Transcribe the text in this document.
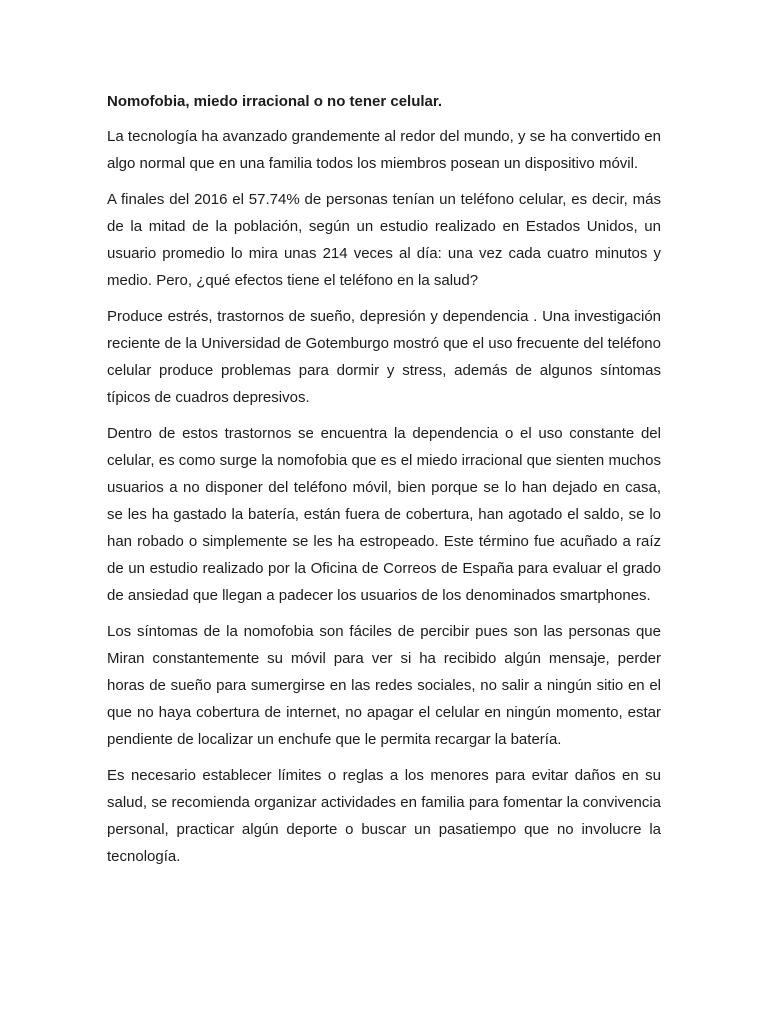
Nomofobia, miedo irracional o no tener celular.

La tecnología ha avanzado grandemente al redor del mundo, y se ha convertido en algo normal que en una familia todos los miembros posean un dispositivo móvil.

A finales del 2016 el 57.74% de personas tenían un teléfono celular, es decir, más de la mitad de la población, según un estudio realizado en Estados Unidos, un usuario promedio lo mira unas 214 veces al día: una vez cada cuatro minutos y medio. Pero, ¿qué efectos tiene el teléfono en la salud?

Produce estrés, trastornos de sueño, depresión y dependencia . Una investigación reciente de la Universidad de Gotemburgo mostró que el uso frecuente del teléfono celular produce problemas para dormir y stress, además de algunos síntomas típicos de cuadros depresivos.

Dentro de estos trastornos se encuentra la dependencia o el uso constante del celular, es como surge la nomofobia que es el miedo irracional que sienten muchos usuarios a no disponer del teléfono móvil, bien porque se lo han dejado en casa, se les ha gastado la batería, están fuera de cobertura, han agotado el saldo, se lo han robado o simplemente se les ha estropeado. Este término fue acuñado a raíz de un estudio realizado por la Oficina de Correos de España para evaluar el grado de ansiedad que llegan a padecer los usuarios de los denominados smartphones.

Los síntomas de la nomofobia son fáciles de percibir pues son las personas que Miran constantemente su móvil para ver si ha recibido algún mensaje, perder horas de sueño para sumergirse en las redes sociales, no salir a ningún sitio en el que no haya cobertura de internet, no apagar el celular en ningún momento, estar pendiente de localizar un enchufe que le permita recargar la batería.

Es necesario establecer límites o reglas a los menores para evitar daños en su salud, se recomienda organizar actividades en familia para fomentar la convivencia personal, practicar algún deporte o buscar un pasatiempo que no involucre la tecnología.
